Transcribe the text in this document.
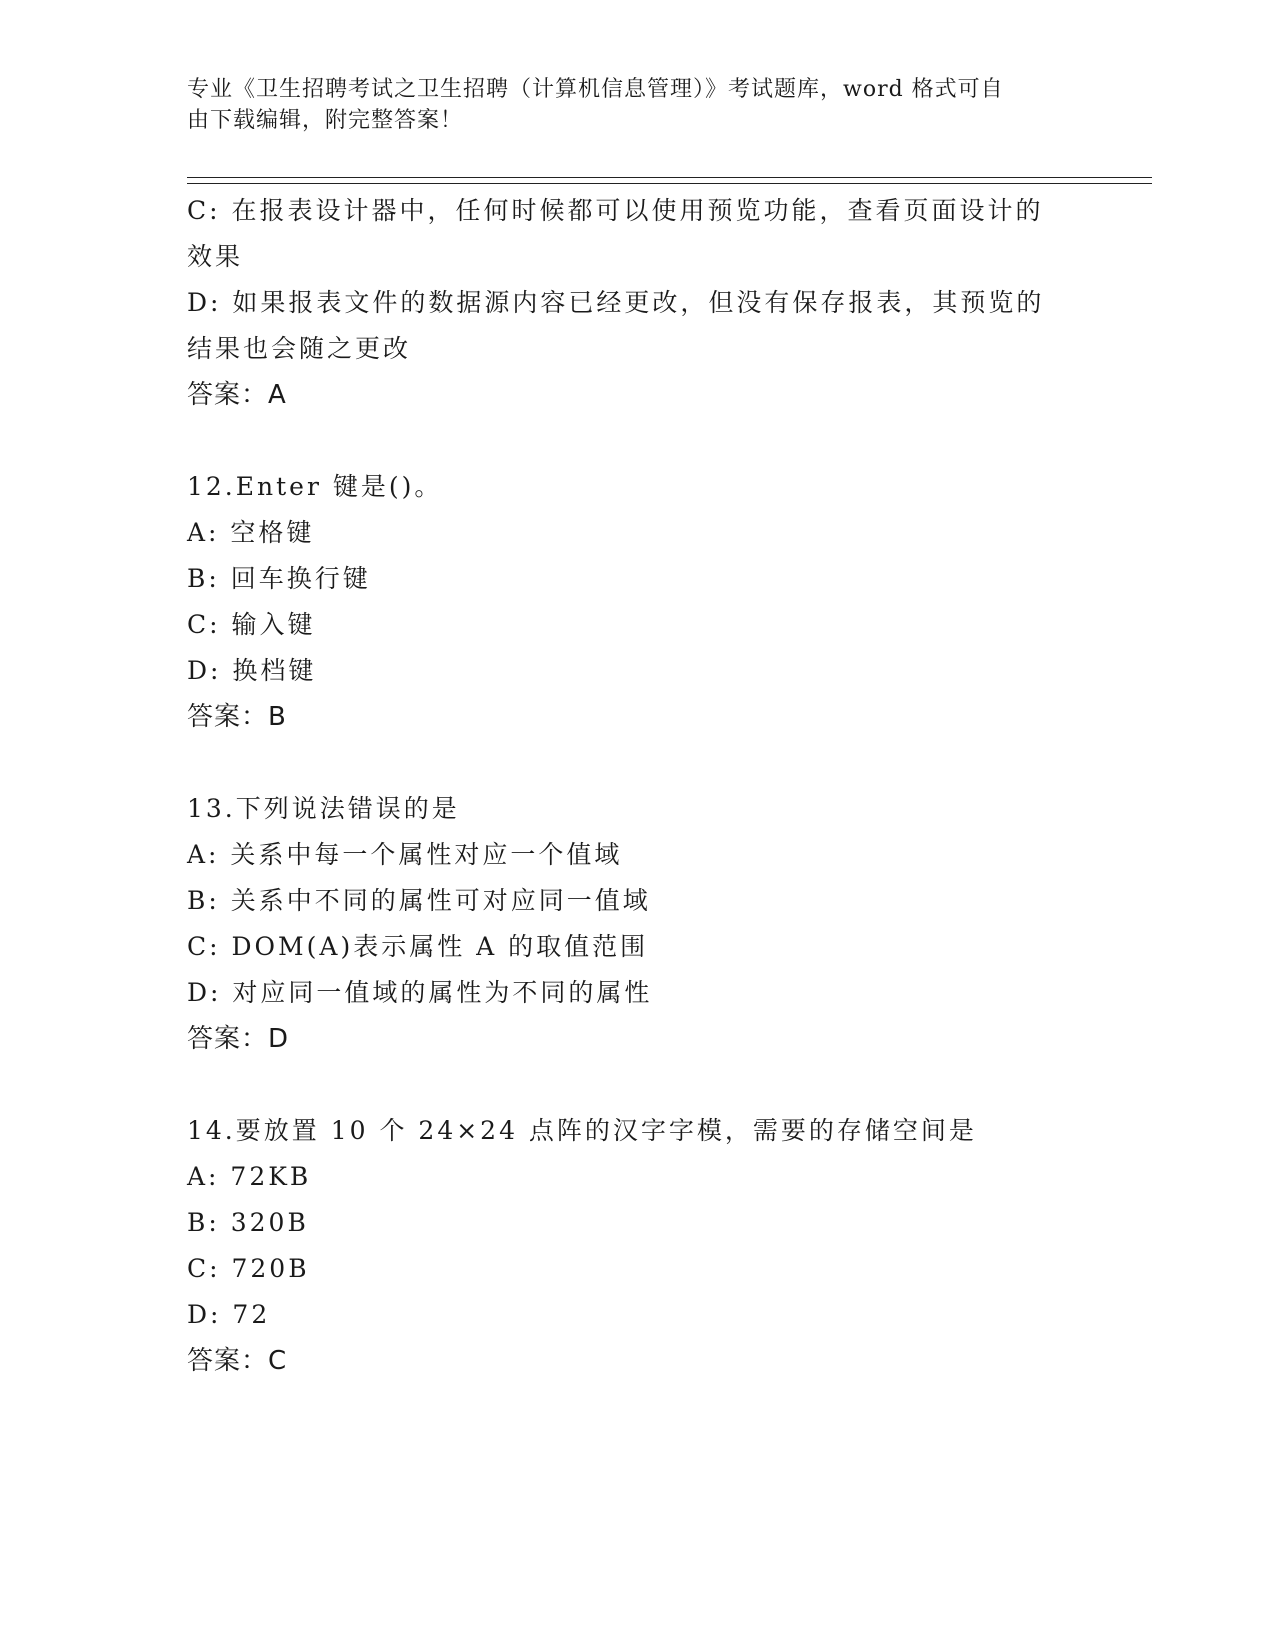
专业《卫生招聘考试之卫生招聘（计算机信息管理）》考试题库，word 格式可自
由下载编辑，附完整答案！
C: 在报表设计器中，任何时候都可以使用预览功能，查看页面设计的
效果
D: 如果报表文件的数据源内容已经更改，但没有保存报表，其预览的
结果也会随之更改
答案：A
12.Enter 键是()。
A: 空格键
B: 回车换行键
C: 输入键
D: 换档键
答案：B
13.下列说法错误的是
A: 关系中每一个属性对应一个值域
B: 关系中不同的属性可对应同一值域
C: DOM(A)表示属性 A 的取值范围
D: 对应同一值域的属性为不同的属性
答案：D
14.要放置 10 个 24×24 点阵的汉字字模，需要的存储空间是
A: 72KB
B: 320B
C: 720B
D: 72
答案：C
